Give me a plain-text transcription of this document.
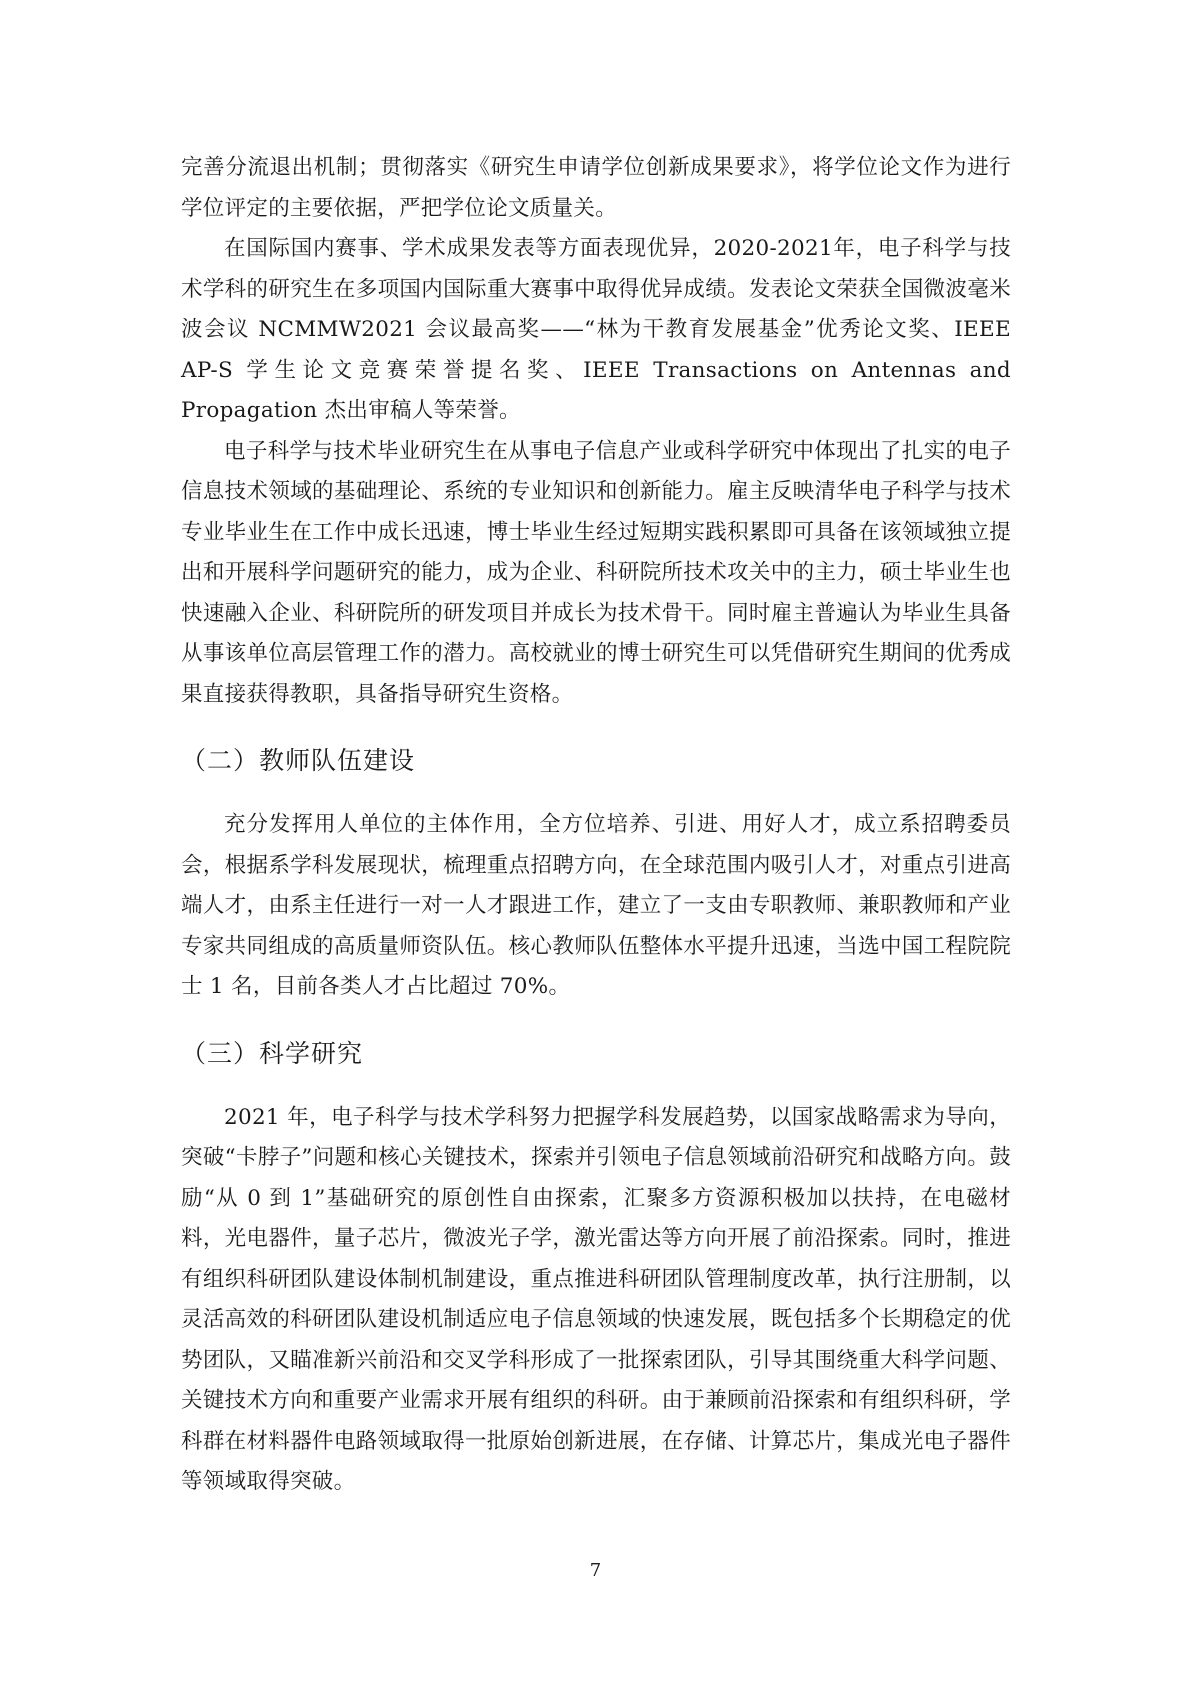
完善分流退出机制；贯彻落实《研究生申请学位创新成果要求》，将学位论文作为进行学位评定的主要依据，严把学位论文质量关。

在国际国内赛事、学术成果发表等方面表现优异，2020-2021年，电子科学与技术学科的研究生在多项国内国际重大赛事中取得优异成绩。发表论文荣获全国微波毫米波会议 NCMMW2021 会议最高奖——“林为干教育发展基金”优秀论文奖、IEEE AP-S 学生论文竞赛荣誉提名奖、IEEE Transactions on Antennas and Propagation 杰出审稿人等荣誉。

电子科学与技术毕业研究生在从事电子信息产业或科学研究中体现出了扎实的电子信息技术领域的基础理论、系统的专业知识和创新能力。雇主反映清华电子科学与技术专业毕业生在工作中成长迅速，博士毕业生经过短期实践积累即可具备在该领域独立提出和开展科学问题研究的能力，成为企业、科研院所技术攻关中的主力，硕士毕业生也快速融入企业、科研院所的研发项目并成长为技术骨干。同时雇主普遍认为毕业生具备从事该单位高层管理工作的潜力。高校就业的博士研究生可以凭借研究生期间的优秀成果直接获得教职，具备指导研究生资格。

（二）教师队伍建设

充分发挥用人单位的主体作用，全方位培养、引进、用好人才，成立系招聘委员会，根据系学科发展现状，梳理重点招聘方向，在全球范围内吸引人才，对重点引进高端人才，由系主任进行一对一人才跟进工作，建立了一支由专职教师、兼职教师和产业专家共同组成的高质量师资队伍。核心教师队伍整体水平提升迅速，当选中国工程院院士 1 名，目前各类人才占比超过 70%。

（三）科学研究

2021 年，电子科学与技术学科努力把握学科发展趋势，以国家战略需求为导向，突破“卡脖子”问题和核心关键技术，探索并引领电子信息领域前沿研究和战略方向。鼓励“从 0 到 1”基础研究的原创性自由探索，汇聚多方资源积极加以扶持，在电磁材料，光电器件，量子芯片，微波光子学，激光雷达等方向开展了前沿探索。同时，推进有组织科研团队建设体制机制建设，重点推进科研团队管理制度改革，执行注册制，以灵活高效的科研团队建设机制适应电子信息领域的快速发展，既包括多个长期稳定的优势团队，又瞄准新兴前沿和交叉学科形成了一批探索团队，引导其围绕重大科学问题、关键技术方向和重要产业需求开展有组织的科研。由于兼顾前沿探索和有组织科研，学科群在材料器件电路领域取得一批原始创新进展，在存储、计算芯片，集成光电子器件等领域取得突破。

7
